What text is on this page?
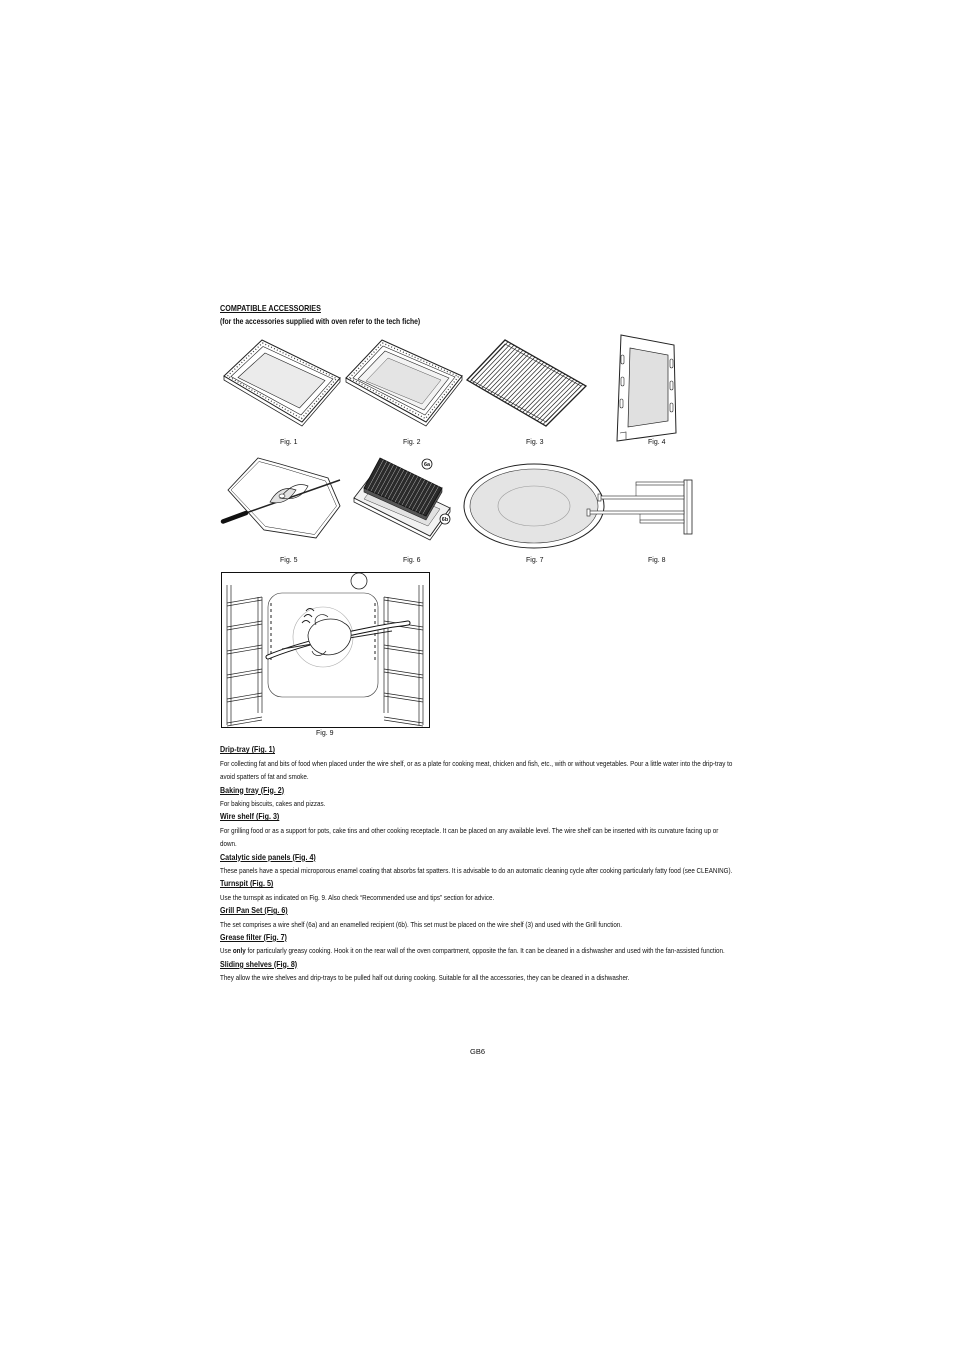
COMPATIBLE ACCESSORIES
(for the accessories supplied with oven refer to the tech fiche)
Fig. 1	Fig. 2	Fig. 3	Fig. 4
Fig. 5
6a
6b
Fig. 6	Fig. 7	Fig. 8
Fig. 9
Drip-tray (Fig. 1)

For collecting fat and bits of food when placed under the wire shelf, or as a plate for cooking meat, chicken and fish, etc., with or without vegetables. Pour a little water into the drip-tray to avoid spatters of fat and smoke.

Baking tray (Fig. 2)

For baking biscuits, cakes and pizzas.

Wire shelf (Fig. 3)

For grilling food or as a support for pots, cake tins and other cooking receptacle. It can be placed on any available level. The wire shelf can be inserted with its curvature facing up or down.

Catalytic side panels (Fig. 4)

These panels have a special microporous enamel coating that absorbs fat spatters. It is advisable to do an automatic cleaning cycle after cooking particularly fatty food (see CLEANING).

Turnspit (Fig. 5)

Use the turnspit as indicated on Fig. 9. Also check “Recommended use and tips” section for advice.

Grill Pan Set (Fig. 6)

The set comprises a wire shelf (6a) and an enamelled recipient (6b). This set must be placed on the wire shelf (3) and used with the Grill function.

Grease filter (Fig. 7)

Use only for particularly greasy cooking. Hook it on the rear wall of the oven compartment, opposite the fan. It can be cleaned in a dishwasher and used with the fan-assisted function.

Sliding shelves (Fig. 8)

They allow the wire shelves and drip-trays to be pulled half out during cooking. Suitable for all the accessories, they can be cleaned in a dishwasher.

GB6
